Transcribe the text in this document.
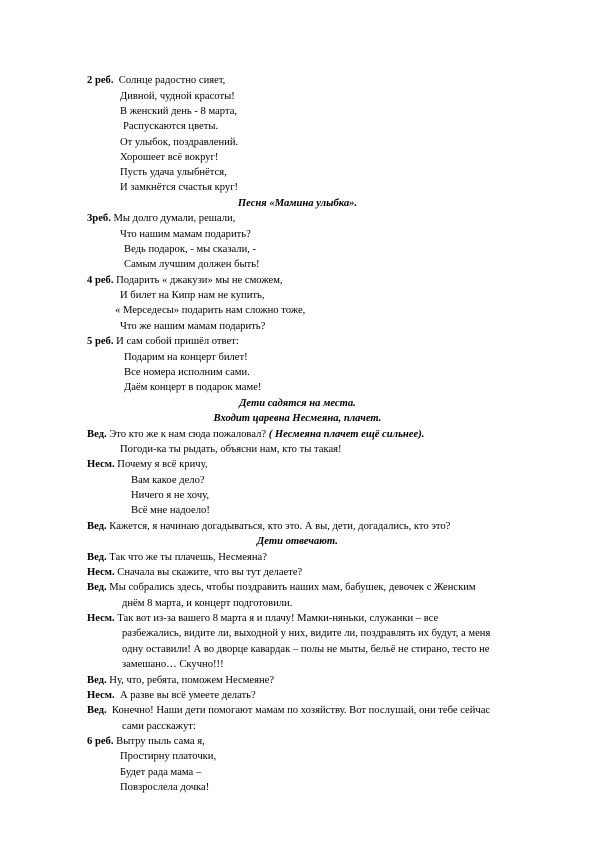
2 реб. Солнце радостно сияет,
Дивной, чудной красоты!
В женский день - 8 марта,
Распускаются цветы.
От улыбок, поздравлений.
Хорошеет всё вокруг!
Пусть удача улыбнётся,
И замкнётся счастья круг!
Песня «Мамина улыбка».
3реб. Мы долго думали, решали,
Что нашим мамам подарить?
Ведь подарок, - мы сказали, -
Самым лучшим должен быть!
4 реб. Подарить « джакузи» мы не сможем,
И билет на Кипр нам не купить,
« Мерседесы» подарить нам сложно тоже,
Что же нашим мамам подарить?
5 реб. И сам собой пришёл ответ:
Подарим на концерт билет!
Все номера исполним сами.
Даём концерт в подарок маме!
Дети садятся на места.
Входит царевна Несмеяна, плачет.
Вед. Это кто же к нам сюда пожаловал? ( Несмеяна плачет ещё сильнее).
Погоди-ка ты рыдать, объясни нам, кто ты такая!
Несм. Почему я всё кричу,
Вам какое дело?
Ничего я не хочу,
Всё мне надоело!
Вед. Кажется, я начинаю догадываться, кто это. А вы, дети, догадались, кто это?
Дети отвечают.
Вед. Так что же ты плачешь, Несмеяна?
Несм. Сначала вы скажите, что вы тут делаете?
Вед. Мы собрались здесь, чтобы поздравить наших мам, бабушек, девочек с Женским
днём 8 марта, и концерт подготовили.
Несм. Так вот из-за вашего 8 марта я и плачу! Мамки-няньки, служанки – все
разбежались, видите ли, выходной у них, видите ли, поздравлять их будут, а меня
одну оставили! А во дворце кавардак – полы не мыты, бельё не стирано, тесто не
замешано… Скучно!!!
Вед. Ну, что, ребята, поможем Несмеяне?
Несм. А разве вы всё умеете делать?
Вед. Конечно! Наши дети помогают мамам по хозяйству. Вот послушай, они тебе сейчас
сами расскажут:
6 реб. Вытру пыль сама я,
Простирну платочки,
Будет рада мама –
Повзрослела дочка!
